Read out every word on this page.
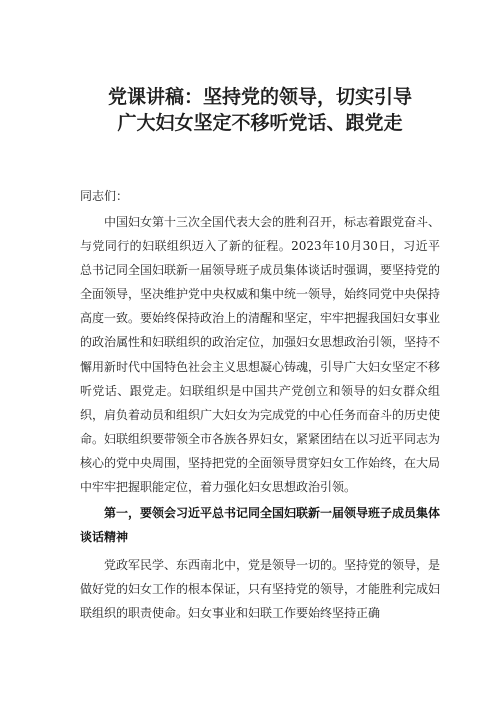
党课讲稿：坚持党的领导，切实引导
广大妇女坚定不移听党话、跟党走

同志们：

中国妇女第十三次全国代表大会的胜利召开，标志着跟党奋斗、与党同行的妇联组织迈入了新的征程。2023年10月30日，习近平总书记同全国妇联新一届领导班子成员集体谈话时强调，要坚持党的全面领导，坚决维护党中央权威和集中统一领导，始终同党中央保持高度一致。要始终保持政治上的清醒和坚定，牢牢把握我国妇女事业的政治属性和妇联组织的政治定位，加强妇女思想政治引领，坚持不懈用新时代中国特色社会主义思想凝心铸魂，引导广大妇女坚定不移听党话、跟党走。妇联组织是中国共产党创立和领导的妇女群众组织，肩负着动员和组织广大妇女为完成党的中心任务而奋斗的历史使命。妇联组织要带领全市各族各界妇女，紧紧团结在以习近平同志为核心的党中央周围，坚持把党的全面领导贯穿妇女工作始终，在大局中牢牢把握职能定位，着力强化妇女思想政治引领。

第一，要领会习近平总书记同全国妇联新一届领导班子成员集体谈话精神

党政军民学、东西南北中，党是领导一切的。坚持党的领导，是做好党的妇女工作的根本保证，只有坚持党的领导，才能胜利完成妇联组织的职责使命。妇女事业和妇联工作要始终坚持正确
